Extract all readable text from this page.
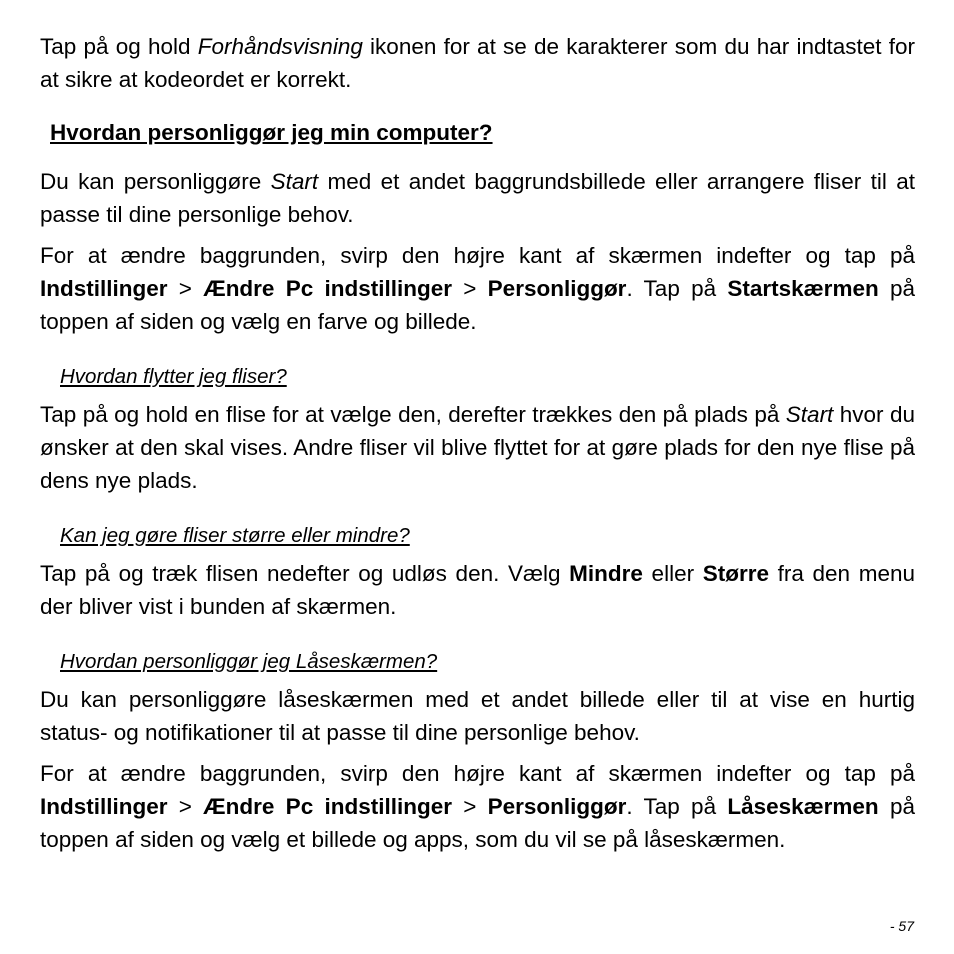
Tap på og hold Forhåndsvisning ikonen for at se de karakterer som du har indtastet for at sikre at kodeordet er korrekt.

Hvordan personliggør jeg min computer?

Du kan personliggøre Start med et andet baggrundsbillede eller arrangere fliser til at passe til dine personlige behov.

For at ændre baggrunden, svirp den højre kant af skærmen indefter og tap på Indstillinger > Ændre Pc indstillinger > Personliggør. Tap på Startskærmen på toppen af siden og vælg en farve og billede.

Hvordan flytter jeg fliser?

Tap på og hold en flise for at vælge den, derefter trækkes den på plads på Start hvor du ønsker at den skal vises. Andre fliser vil blive flyttet for at gøre plads for den nye flise på dens nye plads.

Kan jeg gøre fliser større eller mindre?

Tap på og træk flisen nedefter og udløs den. Vælg Mindre eller Større fra den menu der bliver vist i bunden af skærmen.

Hvordan personliggør jeg Låseskærmen?

Du kan personliggøre låseskærmen med et andet billede eller til at vise en hurtig status- og notifikationer til at passe til dine personlige behov.

For at ændre baggrunden, svirp den højre kant af skærmen indefter og tap på Indstillinger > Ændre Pc indstillinger > Personliggør. Tap på Låseskærmen på toppen af siden og vælg et billede og apps, som du vil se på låseskærmen.

- 57
